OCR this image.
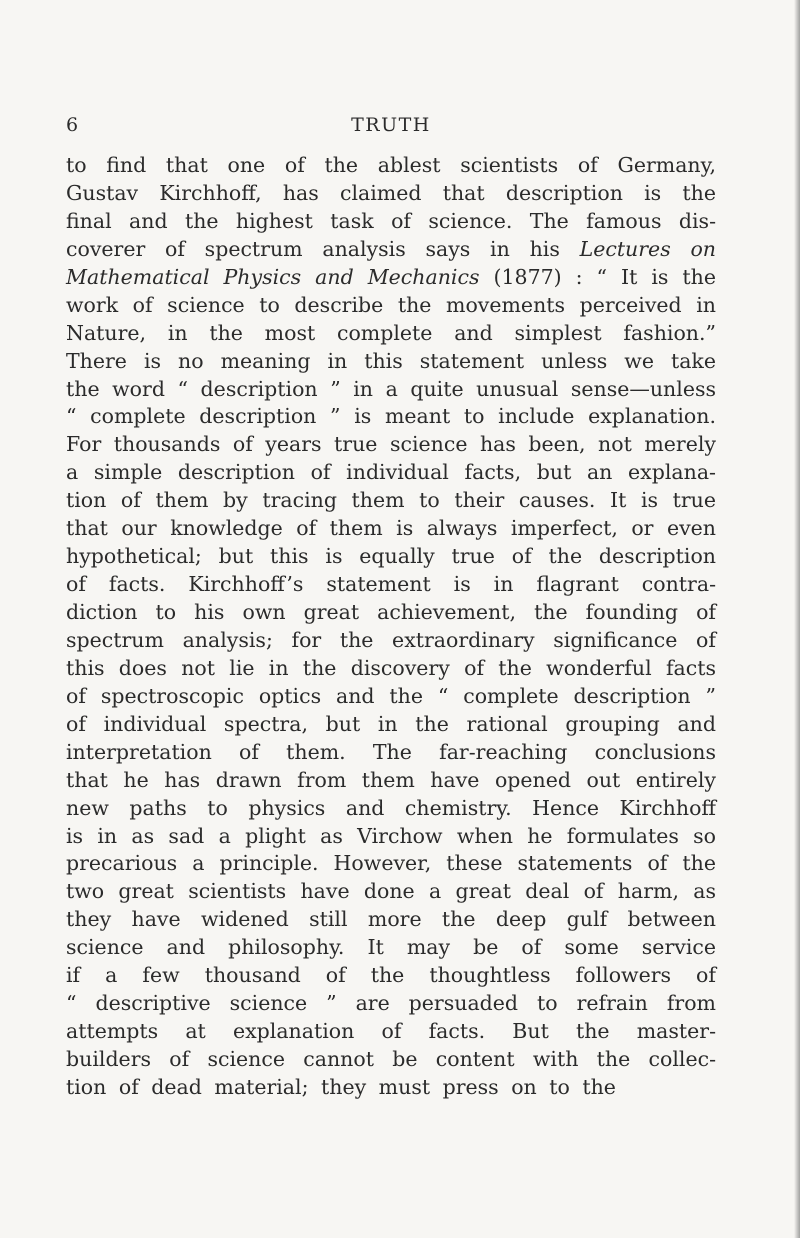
6	TRUTH
to find that one of the ablest scientists of Germany,
Gustav Kirchhoff, has claimed that description is the
final and the highest task of science. The famous dis-
coverer of spectrum analysis says in his Lectures on
Mathematical Physics and Mechanics (1877) : “ It is the
work of science to describe the movements perceived in
Nature, in the most complete and simplest fashion.”
There is no meaning in this statement unless we take
the word “ description ” in a quite unusual sense—unless
“ complete description ” is meant to include explanation.
For thousands of years true science has been, not merely
a simple description of individual facts, but an explana-
tion of them by tracing them to their causes. It is true
that our knowledge of them is always imperfect, or even
hypothetical; but this is equally true of the description
of facts. Kirchhoff’s statement is in flagrant contra-
diction to his own great achievement, the founding of
spectrum analysis; for the extraordinary significance of
this does not lie in the discovery of the wonderful facts
of spectroscopic optics and the “ complete description ”
of individual spectra, but in the rational grouping and
interpretation of them. The far-reaching conclusions
that he has drawn from them have opened out entirely
new paths to physics and chemistry. Hence Kirchhoff
is in as sad a plight as Virchow when he formulates so
precarious a principle. However, these statements of the
two great scientists have done a great deal of harm, as
they have widened still more the deep gulf between
science and philosophy. It may be of some service
if a few thousand of the thoughtless followers of
“ descriptive science ” are persuaded to refrain from
attempts at explanation of facts. But the master-
builders of science cannot be content with the collec-
tion of dead material; they must press on to the
